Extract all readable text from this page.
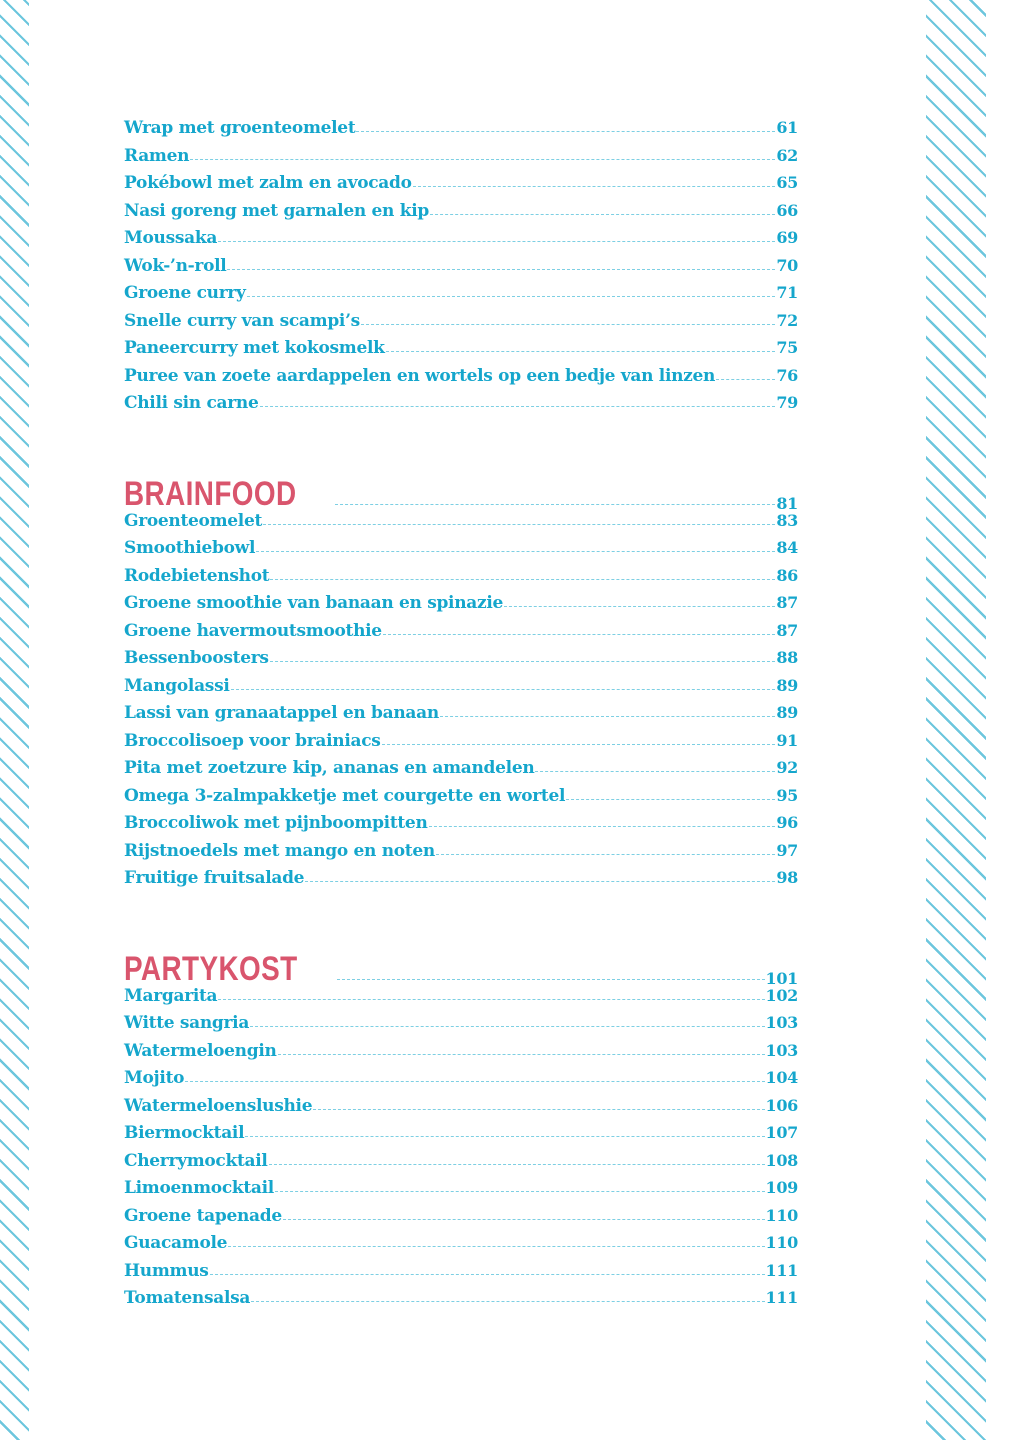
Wrap met groenteomelet	61
Ramen	62
Pokébowl met zalm en avocado	65
Nasi goreng met garnalen en kip	66
Moussaka	69
Wok-’n-roll	70
Groene curry	71
Snelle curry van scampi’s	72
Paneercurry met kokosmelk	75
Puree van zoete aardappelen en wortels op een bedje van linzen	76
Chili sin carne	79
BRAINFOOD	81
Groenteomelet	83
Smoothiebowl	84
Rodebietenshot	86
Groene smoothie van banaan en spinazie	87
Groene havermoutsmoothie	87
Bessenboosters	88
Mangolassi	89
Lassi van granaatappel en banaan	89
Broccolisoep voor brainiacs	91
Pita met zoetzure kip, ananas en amandelen	92
Omega 3-zalmpakketje met courgette en wortel	95
Broccoliwok met pijnboompitten	96
Rijstnoedels met mango en noten	97
Fruitige fruitsalade	98
PARTYKOST	101
Margarita	102
Witte sangria	103
Watermeloengin	103
Mojito	104
Watermeloenslushie	106
Biermocktail	107
Cherrymocktail	108
Limoenmocktail	109
Groene tapenade	110
Guacamole	110
Hummus	111
Tomatensalsa	111
